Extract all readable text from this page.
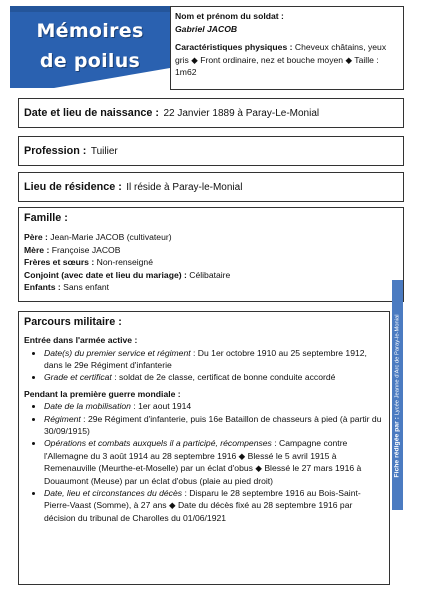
Mémoires
de poilus
Nom et prénom du soldat :
Gabriel JACOB
Caractéristiques physiques : Cheveux châtains, yeux gris ◆ Front ordinaire, nez et bouche moyen ◆ Taille : 1m62
Date et lieu de naissance : 22 Janvier 1889 à Paray-Le-Monial
Profession : Tuilier
Lieu de résidence : Il réside à Paray-le-Monial
Famille :
Père : Jean-Marie JACOB (cultivateur)
Mère : Françoise JACOB
Frères et sœurs : Non-renseigné
Conjoint (avec date et lieu du mariage) : Célibataire
Enfants : Sans enfant
Parcours militaire :
Entrée dans l'armée active :
• Date(s) du premier service et régiment : Du 1er octobre 1910 au 25 septembre 1912, dans le 29e Régiment d'infanterie
• Grade et certificat : soldat de 2e classe, certificat de bonne conduite accordé
Pendant la première guerre mondiale :
• Date de la mobilisation : 1er aout 1914
• Régiment : 29e Régiment d'infanterie, puis 16e Bataillon de chasseurs à pied (à partir du 30/09/1915)
• Opérations et combats auxquels il a participé, récompenses : Campagne contre l'Allemagne du 3 août 1914 au 28 septembre 1916 ◆ Blessé le 5 avril 1915 à Remenauville (Meurthe-et-Moselle) par un éclat d'obus ◆ Blessé le 27 mars 1916 à Douaumont (Meuse) par un éclat d'obus (plaie au pied droit)
• Date, lieu et circonstances du décès : Disparu le 28 septembre 1916 au Bois-Saint-Pierre-Vaast (Somme), à 27 ans ◆ Date du décès fixé au 28 septembre 1916 par décision du tribunal de Charolles du 01/06/1921
Fiche rédigée par : Lycée Jeanne d'Arc de Paray-le-Monial
